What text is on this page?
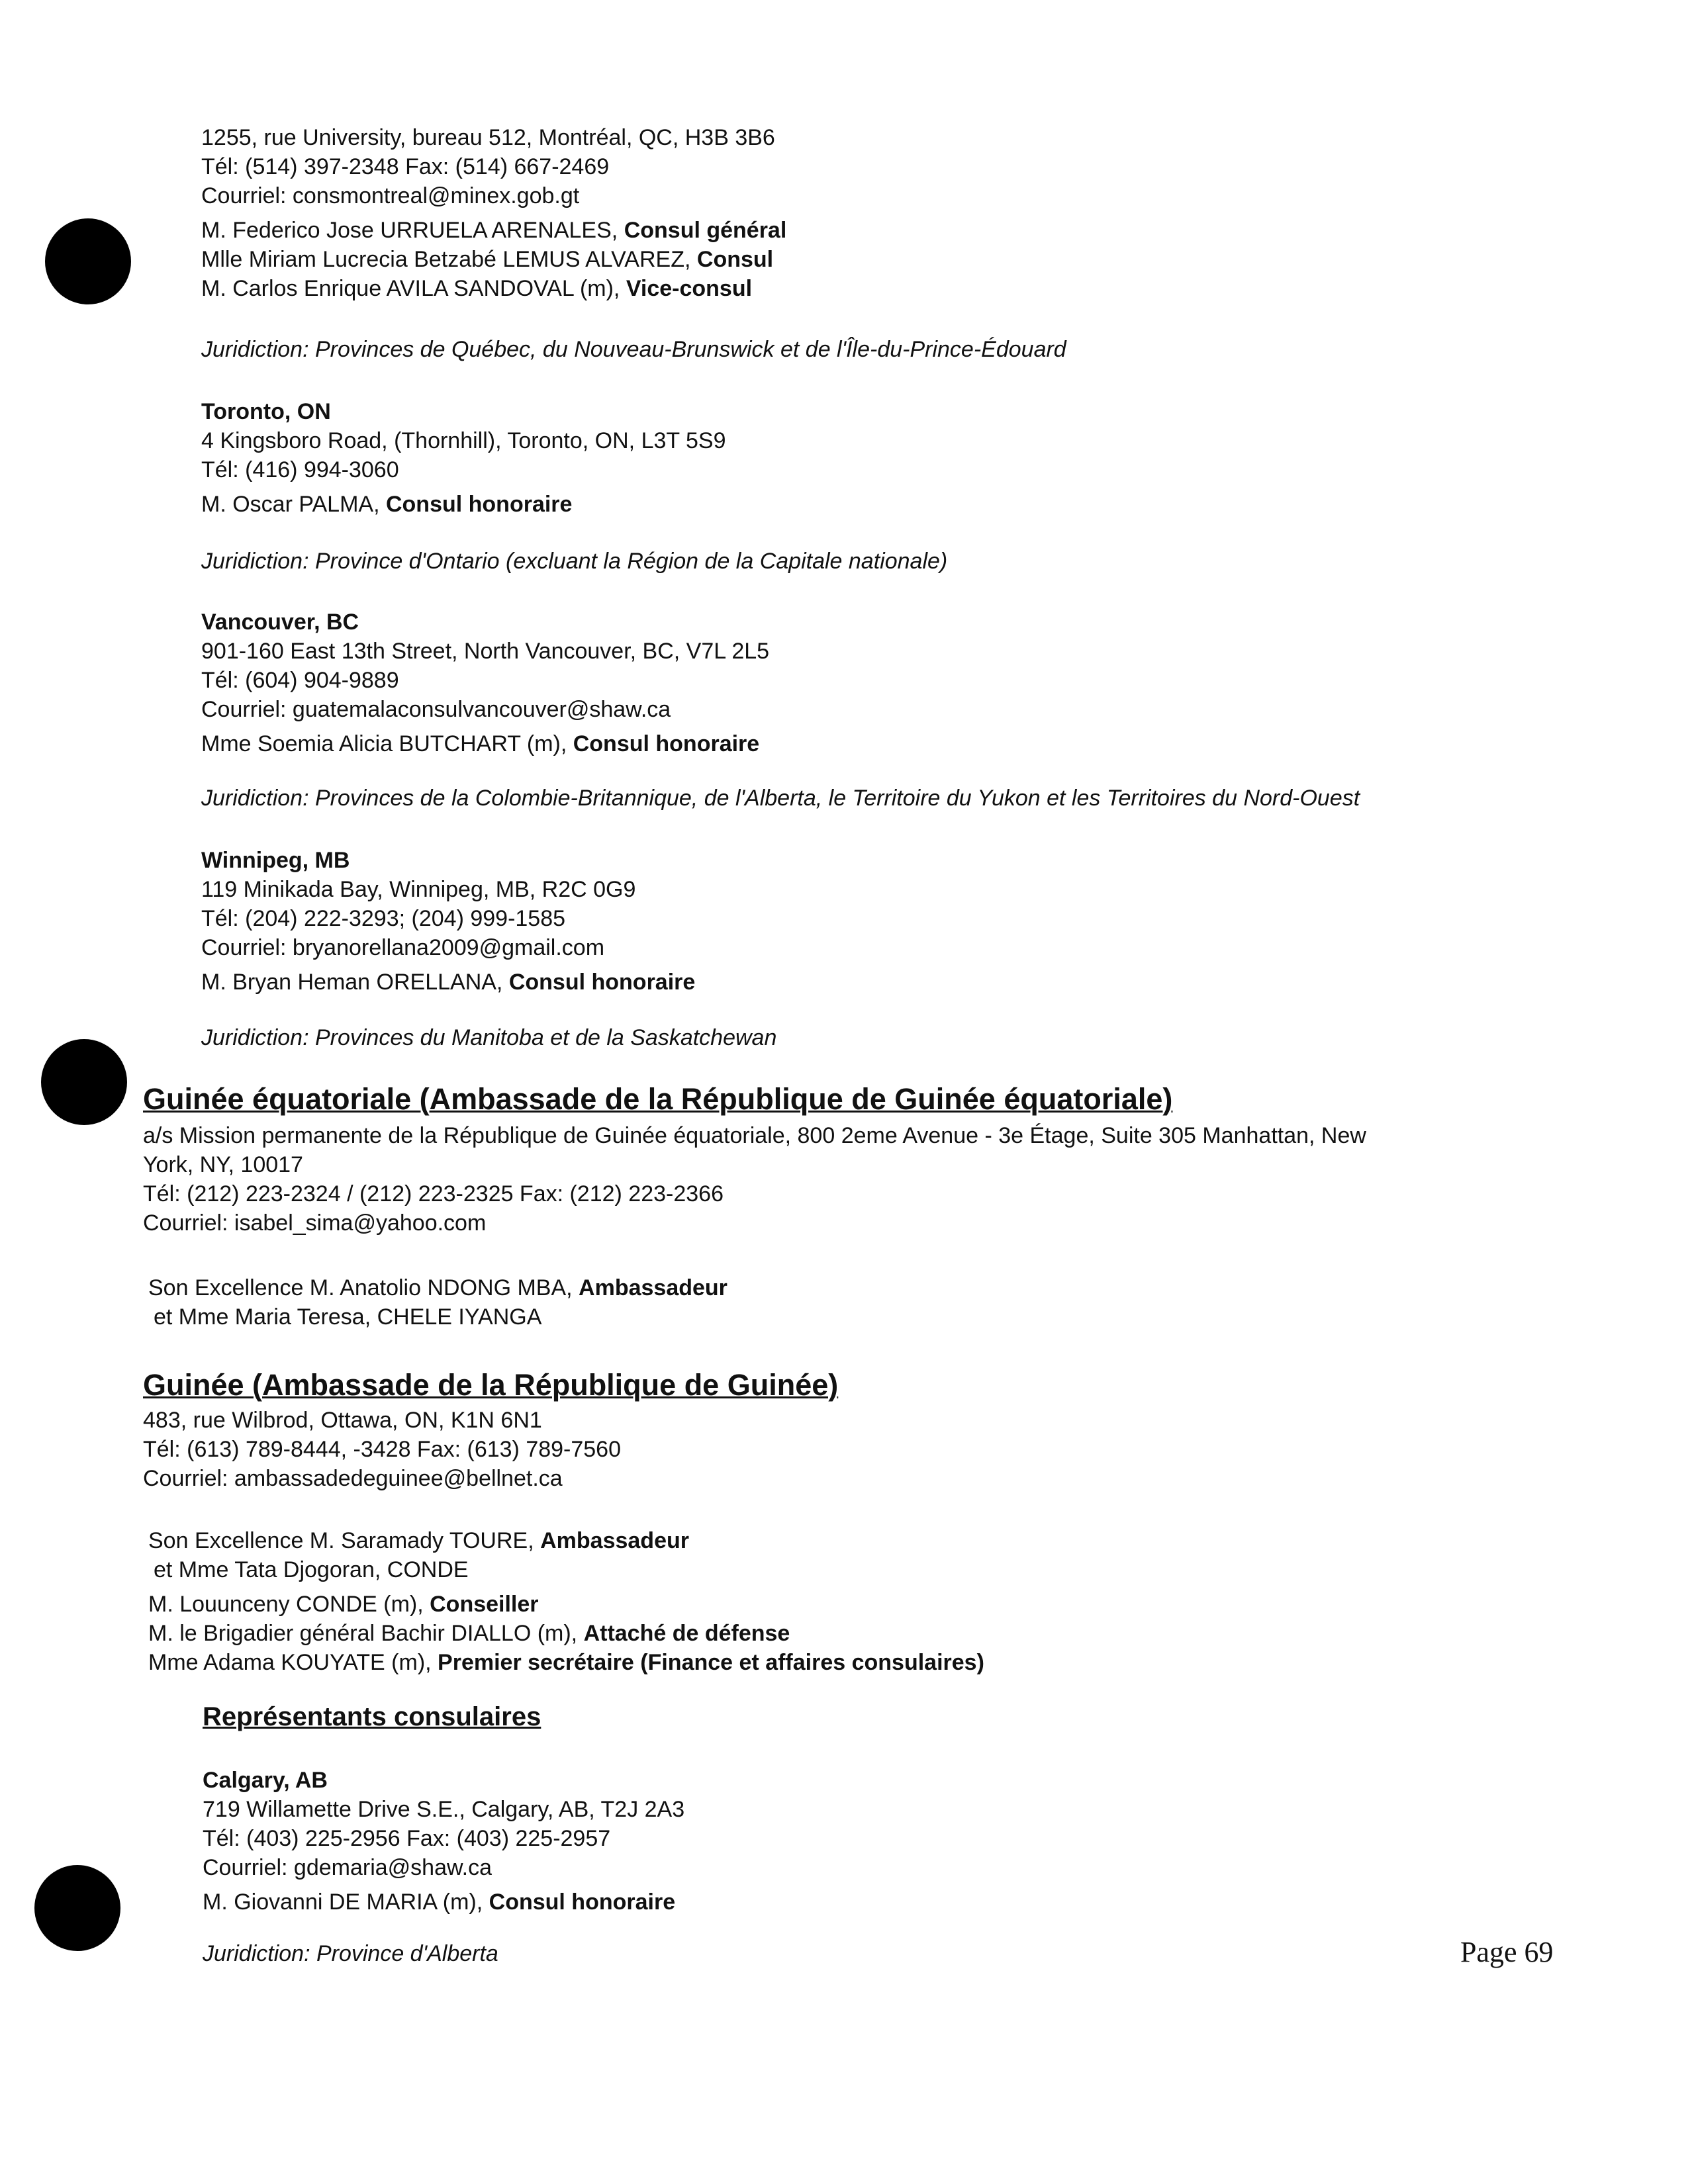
1255, rue University, bureau 512, Montréal, QC, H3B 3B6
Tél: (514) 397-2348 Fax: (514) 667-2469
Courriel: consmontreal@minex.gob.gt
M. Federico Jose URRUELA ARENALES, Consul général
Mlle Miriam Lucrecia Betzabé LEMUS ALVAREZ, Consul
M. Carlos Enrique AVILA SANDOVAL (m), Vice-consul
Juridiction: Provinces de Québec, du Nouveau-Brunswick et de l'Île-du-Prince-Édouard
Toronto, ON
4 Kingsboro Road, (Thornhill), Toronto, ON, L3T 5S9
Tél: (416) 994-3060
M. Oscar PALMA, Consul honoraire
Juridiction: Province d'Ontario (excluant la Région de la Capitale nationale)
Vancouver, BC
901-160 East 13th Street, North Vancouver, BC, V7L 2L5
Tél: (604) 904-9889
Courriel: guatemalaconsulvancouver@shaw.ca
Mme Soemia Alicia BUTCHART (m), Consul honoraire
Juridiction: Provinces de la Colombie-Britannique, de l'Alberta, le Territoire du Yukon et les Territoires du Nord-Ouest
Winnipeg, MB
119 Minikada Bay, Winnipeg, MB, R2C 0G9
Tél: (204) 222-3293; (204) 999-1585
Courriel: bryanorellana2009@gmail.com
M. Bryan Heman ORELLANA, Consul honoraire
Juridiction: Provinces du Manitoba et de la Saskatchewan
Guinée équatoriale (Ambassade de la République de Guinée équatoriale)
a/s Mission permanente de la République de Guinée équatoriale, 800 2eme Avenue - 3e Étage, Suite 305 Manhattan, New
York, NY, 10017
Tél: (212) 223-2324 / (212) 223-2325 Fax: (212) 223-2366
Courriel: isabel_sima@yahoo.com
Son Excellence M. Anatolio NDONG MBA, Ambassadeur
et Mme Maria Teresa, CHELE IYANGA
Guinée (Ambassade de la République de Guinée)
483, rue Wilbrod, Ottawa, ON, K1N 6N1
Tél: (613) 789-8444, -3428 Fax: (613) 789-7560
Courriel: ambassadedeguinee@bellnet.ca
Son Excellence M. Saramady TOURE, Ambassadeur
et Mme Tata Djogoran, CONDE
M. Louunceny CONDE (m), Conseiller
M. le Brigadier général Bachir DIALLO (m), Attaché de défense
Mme Adama KOUYATE (m), Premier secrétaire (Finance et affaires consulaires)
Représentants consulaires
Calgary, AB
719 Willamette Drive S.E., Calgary, AB, T2J 2A3
Tél: (403) 225-2956 Fax: (403) 225-2957
Courriel: gdemaria@shaw.ca
M. Giovanni DE MARIA (m), Consul honoraire
Juridiction: Province d'Alberta	Page 69
